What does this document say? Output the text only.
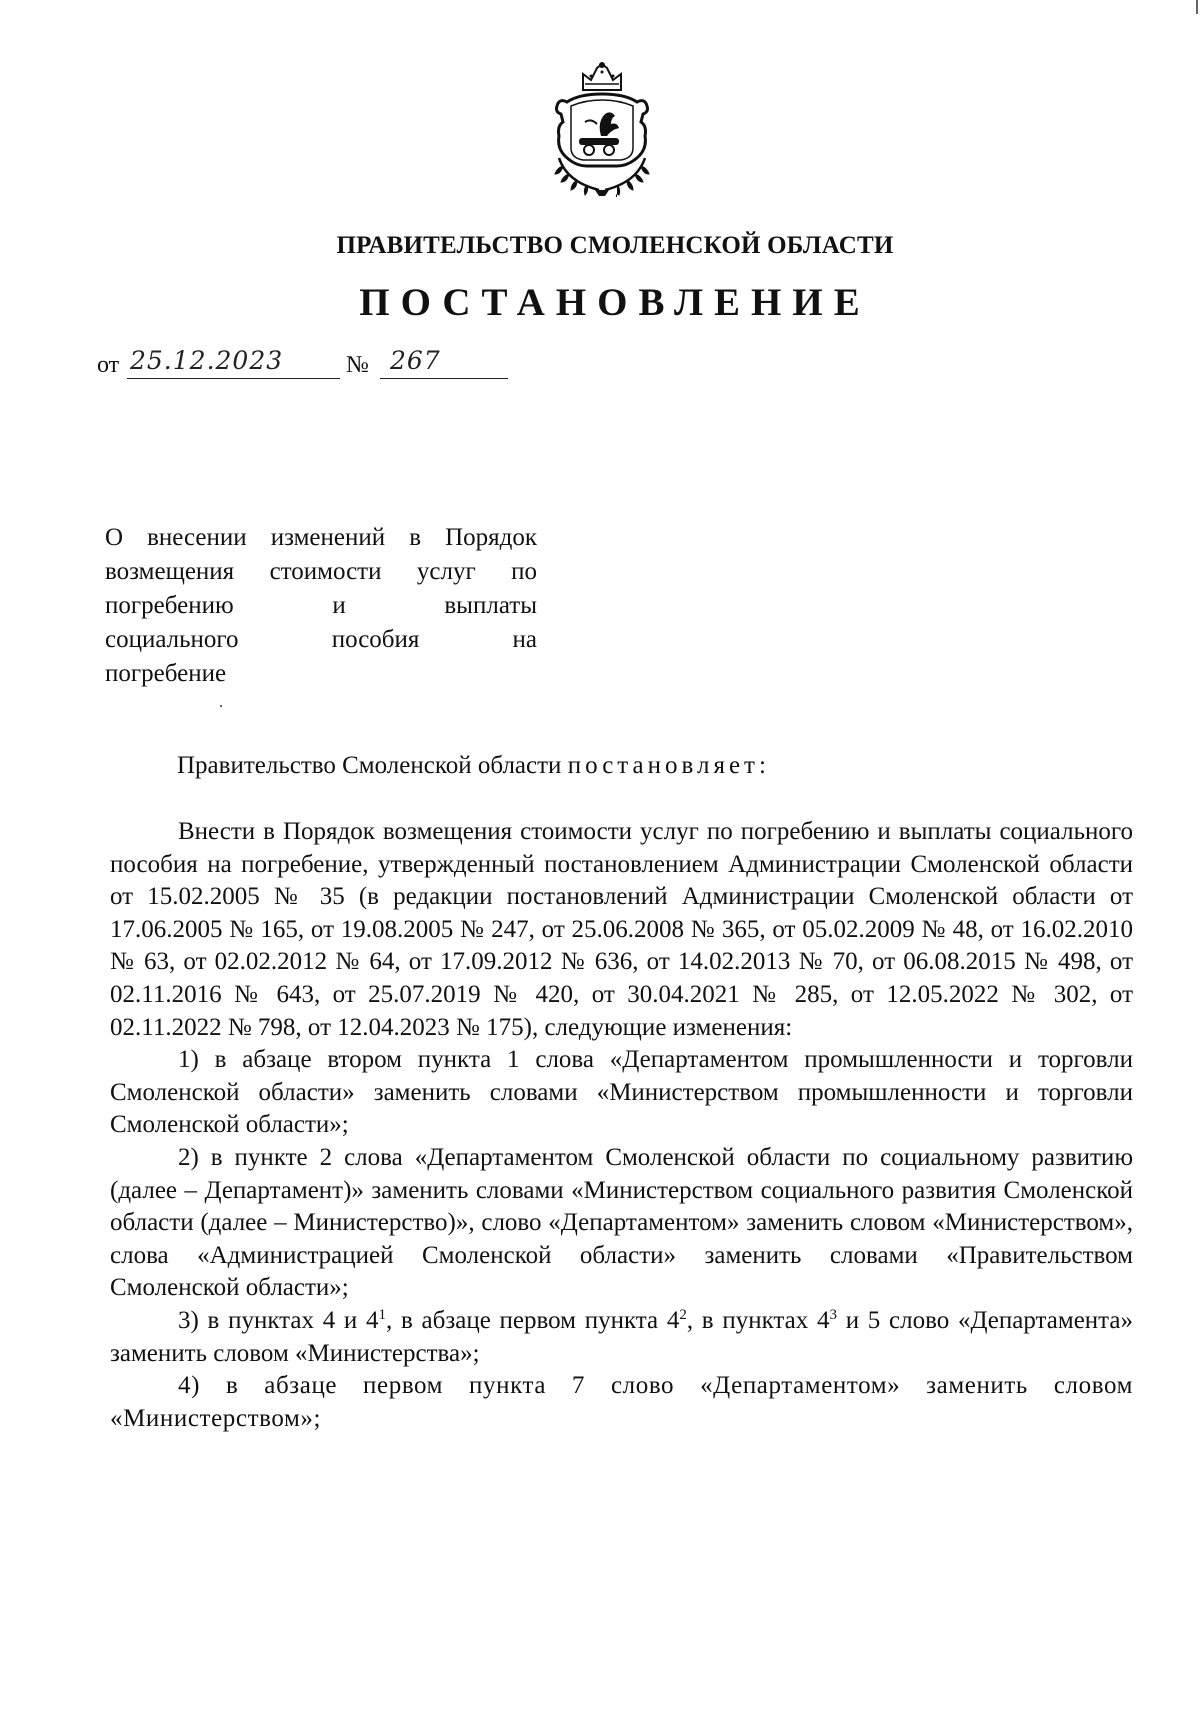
ПРАВИТЕЛЬСТВО СМОЛЕНСКОЙ ОБЛАСТИ
ПОСТАНОВЛЕНИЕ
от 25.12.2023	№ 267
О внесении изменений в Порядок
возмещения стоимости услуг по
погребению и выплаты
социального пособия на
погребение
Правительство Смоленской области постановляет:

Внести в Порядок возмещения стоимости услуг по погребению и выплаты социального пособия на погребение, утвержденный постановлением Администрации Смоленской области от 15.02.2005 № 35 (в редакции постановлений Администрации Смоленской области от 17.06.2005 № 165, от 19.08.2005 № 247, от 25.06.2008 № 365, от 05.02.2009 № 48, от 16.02.2010 № 63, от 02.02.2012 № 64, от 17.09.2012 № 636, от 14.02.2013 № 70, от 06.08.2015 № 498, от 02.11.2016 № 643, от 25.07.2019 № 420, от 30.04.2021 № 285, от 12.05.2022 № 302, от 02.11.2022 № 798, от 12.04.2023 № 175), следующие изменения:

1) в абзаце втором пункта 1 слова «Департаментом промышленности и торговли Смоленской области» заменить словами «Министерством промышленности и торговли Смоленской области»;

2) в пункте 2 слова «Департаментом Смоленской области по социальному развитию (далее – Департамент)» заменить словами «Министерством социального развития Смоленской области (далее – Министерство)», слово «Департаментом» заменить словом «Министерством», слова «Администрацией Смоленской области» заменить словами «Правительством Смоленской области»;

3) в пунктах 4 и $4^1$, в абзаце первом пункта $4^2$, в пунктах $4^3$ и 5 слово «Департамента» заменить словом «Министерства»;

4) в абзаце первом пункта 7 слово «Департаментом» заменить словом «Министерством»;
